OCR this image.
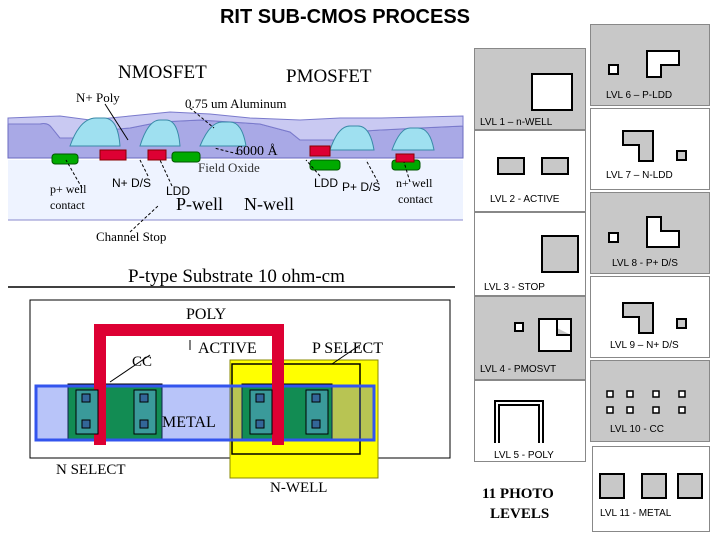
RIT SUB-CMOS PROCESS
NMOSFET	PMOSFET
N+ Poly	0.75 um Aluminum
6000 Å
Field Oxide
p+ well
contact
N+ D/S
LDD
LDD P+ D/S n+ well
contact
P-well N-well
Channel Stop
P-type Substrate 10 ohm-cm
POLY
ACTIVE
CC
P SELECT
METAL
N SELECT
N-WELL
LVL 1 – n-WELL
LVL 2 - ACTIVE
LVL 3 - STOP
LVL 4 - PMOSVT
LVL 5 - POLY
11 PHOTO
LEVELS
LVL 6 – P-LDD
LVL 7 – N-LDD
LVL 8 - P+ D/S
LVL 9 – N+ D/S
LVL 10 - CC
LVL 11 - METAL
